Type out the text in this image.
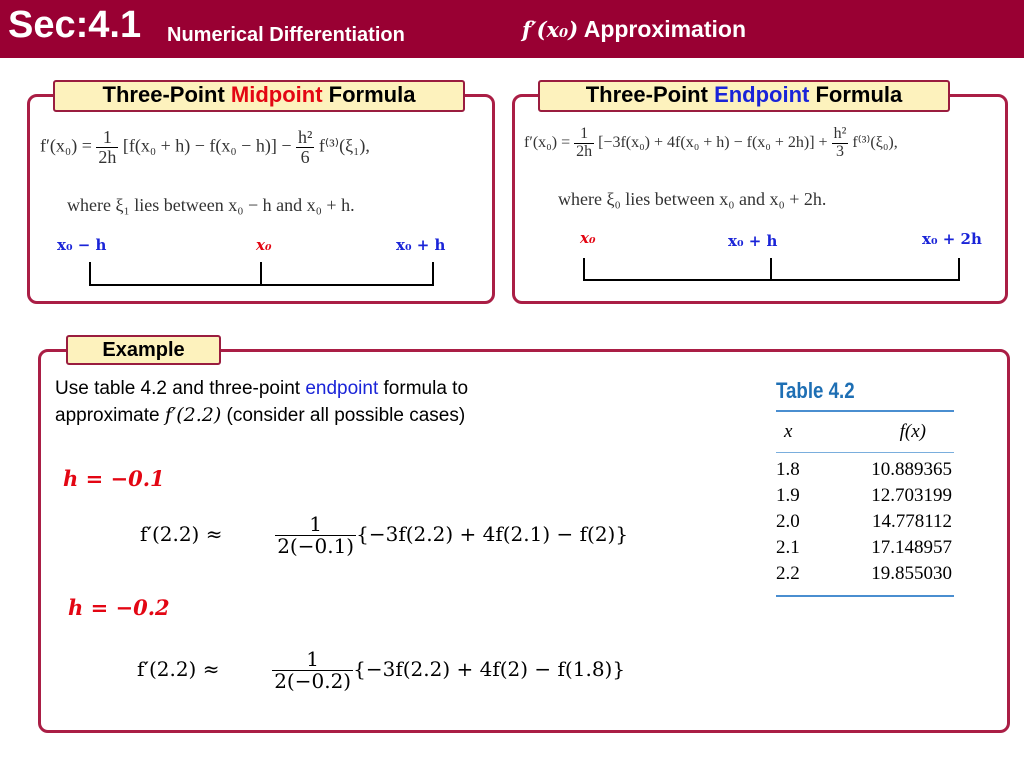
Sec:4.1 Numerical Differentiation	f′(x₀) Approximation
Three-Point Midpoint Formula
$f'(x_0) = \frac{1}{2h} [f(x_0 + h) - f(x_0 - h)] - \frac{\text{h²}}{6} f^{(3)}(\xi_1)$,
where ξ₁ lies between x₀ − h and x₀ + h.
x₀ − h	x₀	x₀ + h
Three-Point Endpoint Formula
$f'(x_0) = \frac{1}{2h} [-3f(x_0) + 4f(x_0 + h) - f(x_0 + 2h)] + \frac{\text{h²}}{3} f^{(3)}(\xi_0)$,
where ξ₀ lies between x₀ and x₀ + 2h.
x₀	x₀ + h	x₀ + 2h
Example
Use table 4.2 and three-point endpoint formula to
approximate f′(2.2) (consider all possible cases)
h = −0.1
f′(2.2) ≈	$\frac{1}{2(-0.1)} \{-3f(2.2) + 4f(2.1) - f(2)\}$
h = −0.2
f′(2.2) ≈	$\frac{1}{2(-0.2)} \{-3f(2.2) + 4f(2) - f(1.8)\}$
Table 4.2
x	f(x)
1.8	10.889365
1.9	12.703199
2.0	14.778112
2.1	17.148957
2.2	19.855030
